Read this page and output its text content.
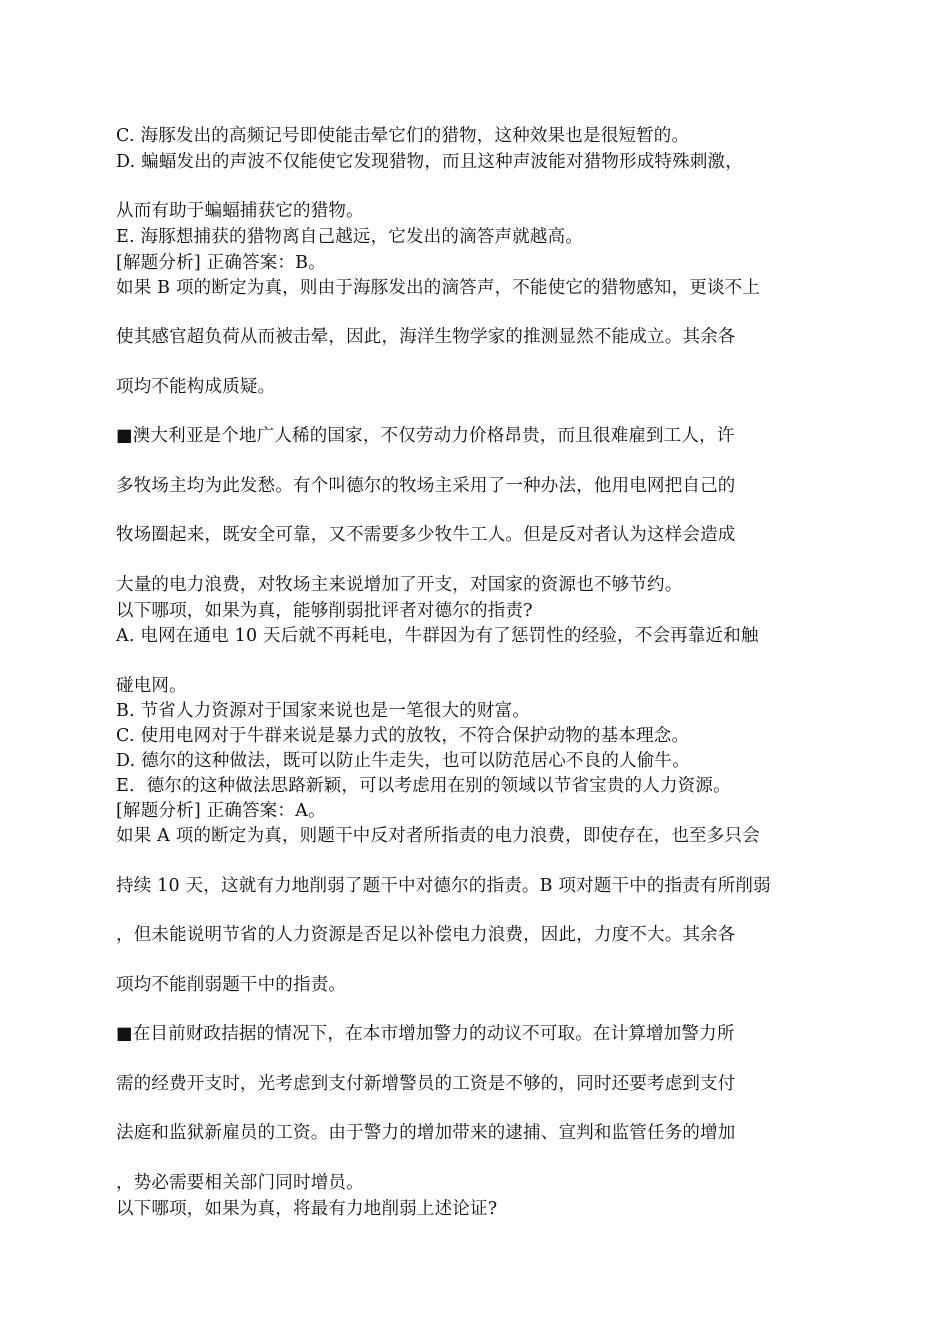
C. 海豚发出的高频记号即使能击晕它们的猎物，这种效果也是很短暂的。
D. 蝙蝠发出的声波不仅能使它发现猎物，而且这种声波能对猎物形成特殊刺激，
从而有助于蝙蝠捕获它的猎物。
E. 海豚想捕获的猎物离自己越远，它发出的滴答声就越高。
[解题分析] 正确答案：B。
如果 B 项的断定为真，则由于海豚发出的滴答声，不能使它的猎物感知，更谈不上
使其感官超负荷从而被击晕，因此，海洋生物学家的推测显然不能成立。其余各
项均不能构成质疑。
■澳大利亚是个地广人稀的国家，不仅劳动力价格昂贵，而且很难雇到工人，许
多牧场主均为此发愁。有个叫德尔的牧场主采用了一种办法，他用电网把自己的
牧场圈起来，既安全可靠，又不需要多少牧牛工人。但是反对者认为这样会造成
大量的电力浪费，对牧场主来说增加了开支，对国家的资源也不够节约。
以下哪项，如果为真，能够削弱批评者对德尔的指责?
A. 电网在通电 10 天后就不再耗电，牛群因为有了惩罚性的经验，不会再靠近和触
碰电网。
B. 节省人力资源对于国家来说也是一笔很大的财富。
C. 使用电网对于牛群来说是暴力式的放牧，不符合保护动物的基本理念。
D. 德尔的这种做法，既可以防止牛走失，也可以防范居心不良的人偷牛。
E．德尔的这种做法思路新颖，可以考虑用在别的领域以节省宝贵的人力资源。
[解题分析] 正确答案：A。
如果 A 项的断定为真，则题干中反对者所指责的电力浪费，即使存在，也至多只会
持续 10 天，这就有力地削弱了题干中对德尔的指责。B 项对题干中的指责有所削弱
，但未能说明节省的人力资源是否足以补偿电力浪费，因此，力度不大。其余各
项均不能削弱题干中的指责。
■在目前财政拮据的情况下，在本市增加警力的动议不可取。在计算增加警力所
需的经费开支时，光考虑到支付新增警员的工资是不够的，同时还要考虑到支付
法庭和监狱新雇员的工资。由于警力的增加带来的逮捕、宣判和监管任务的增加
，势必需要相关部门同时增员。
以下哪项，如果为真，将最有力地削弱上述论证?
